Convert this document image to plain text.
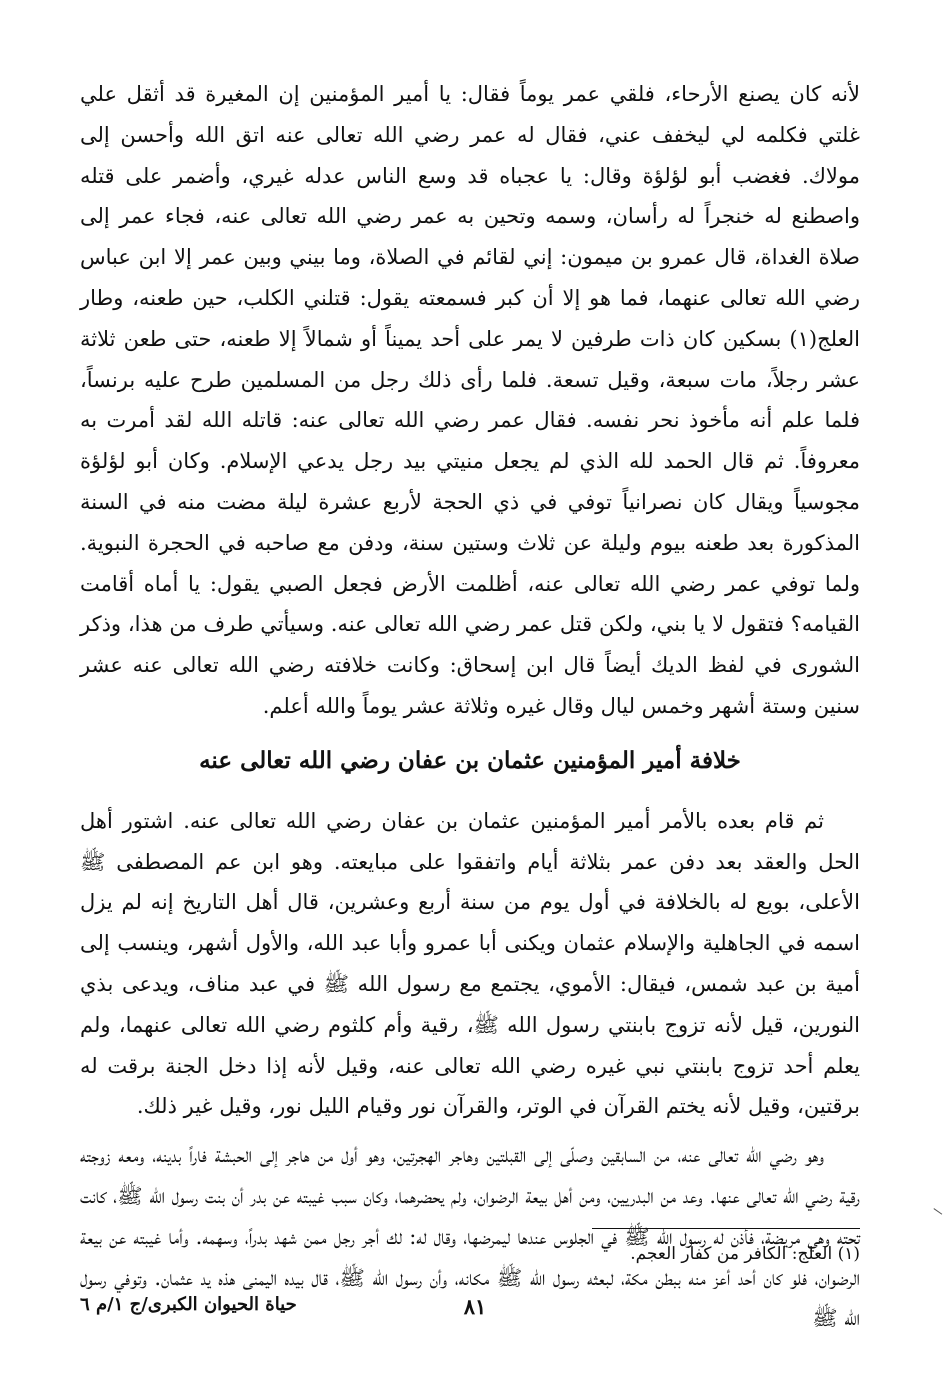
لأنه كان يصنع الأرحاء، فلقي عمر يوماً فقال: يا أمير المؤمنين إن المغيرة قد أثقل علي غلتي فكلمه لي ليخفف عني، فقال له عمر رضي الله تعالى عنه اتق الله وأحسن إلى مولاك. فغضب أبو لؤلؤة وقال: يا عجباه قد وسع الناس عدله غيري، وأضمر على قتله واصطنع له خنجراً له رأسان، وسمه وتحين به عمر رضي الله تعالى عنه، فجاء عمر إلى صلاة الغداة، قال عمرو بن ميمون: إني لقائم في الصلاة، وما بيني وبين عمر إلا ابن عباس رضي الله تعالى عنهما، فما هو إلا أن كبر فسمعته يقول: قتلني الكلب، حين طعنه، وطار العلج(١) بسكين كان ذات طرفين لا يمر على أحد يميناً أو شمالاً إلا طعنه، حتى طعن ثلاثة عشر رجلاً، مات سبعة، وقيل تسعة. فلما رأى ذلك رجل من المسلمين طرح عليه برنساً، فلما علم أنه مأخوذ نحر نفسه. فقال عمر رضي الله تعالى عنه: قاتله الله لقد أمرت به معروفاً. ثم قال الحمد لله الذي لم يجعل منيتي بيد رجل يدعي الإسلام. وكان أبو لؤلؤة مجوسياً ويقال كان نصرانياً توفي في ذي الحجة لأربع عشرة ليلة مضت منه في السنة المذكورة بعد طعنه بيوم وليلة عن ثلاث وستين سنة، ودفن مع صاحبه في الحجرة النبوية. ولما توفي عمر رضي الله تعالى عنه، أظلمت الأرض فجعل الصبي يقول: يا أماه أقامت القيامه؟ فتقول لا يا بني، ولكن قتل عمر رضي الله تعالى عنه. وسيأتي طرف من هذا، وذكر الشورى في لفظ الديك أيضاً قال ابن إسحاق: وكانت خلافته رضي الله تعالى عنه عشر سنين وستة أشهر وخمس ليال وقال غيره وثلاثة عشر يوماً والله أعلم.

خلافة أمير المؤمنين عثمان بن عفان رضي الله تعالى عنه

ثم قام بعده بالأمر أمير المؤمنين عثمان بن عفان رضي الله تعالى عنه. اشتور أهل الحل والعقد بعد دفن عمر بثلاثة أيام واتفقوا على مبايعته. وهو ابن عم المصطفى ﷺ الأعلى، بويع له بالخلافة في أول يوم من سنة أربع وعشرين، قال أهل التاريخ إنه لم يزل اسمه في الجاهلية والإسلام عثمان ويكنى أبا عمرو وأبا عبد الله، والأول أشهر، وينسب إلى أمية بن عبد شمس، فيقال: الأموي، يجتمع مع رسول الله ﷺ في عبد مناف، ويدعى بذي النورين، قيل لأنه تزوج بابنتي رسول الله ﷺ، رقية وأم كلثوم رضي الله تعالى عنهما، ولم يعلم أحد تزوج بابنتي نبي غيره رضي الله تعالى عنه، وقيل لأنه إذا دخل الجنة برقت له برقتين، وقيل لأنه يختم القرآن في الوتر، والقرآن نور وقيام الليل نور، وقيل غير ذلك.

وهو رضي الله تعالى عنه، من السابقين وصلّى إلى القبلتين وهاجر الهجرتين، وهو أول من هاجر إلى الحبشة فاراً بدينه، ومعه زوجته رقية رضي الله تعالى عنها. وعد من البدريين، ومن أهل بيعة الرضوان، ولم يحضرهما، وكان سبب غيبته عن بدر أن بنت رسول الله ﷺ، كانت تحته وهي مريضة، فأذن له رسول الله ﷺ في الجلوس عندها ليمرضها، وقال له: لك أجر رجل ممن شهد بدراً، وسهمه. وأما غيبته عن بيعة الرضوان، فلو كان أحد أعز منه ببطن مكة، لبعثه رسول الله ﷺ مكانه، وأن رسول الله ﷺ، قال بيده اليمنى هذه يد عثمان. وتوفي رسول الله ﷺ

(١) العلج: الكافر من كفار العجم.
٨١
حياة الحيوان الكبرى/ج ١/م ٦
